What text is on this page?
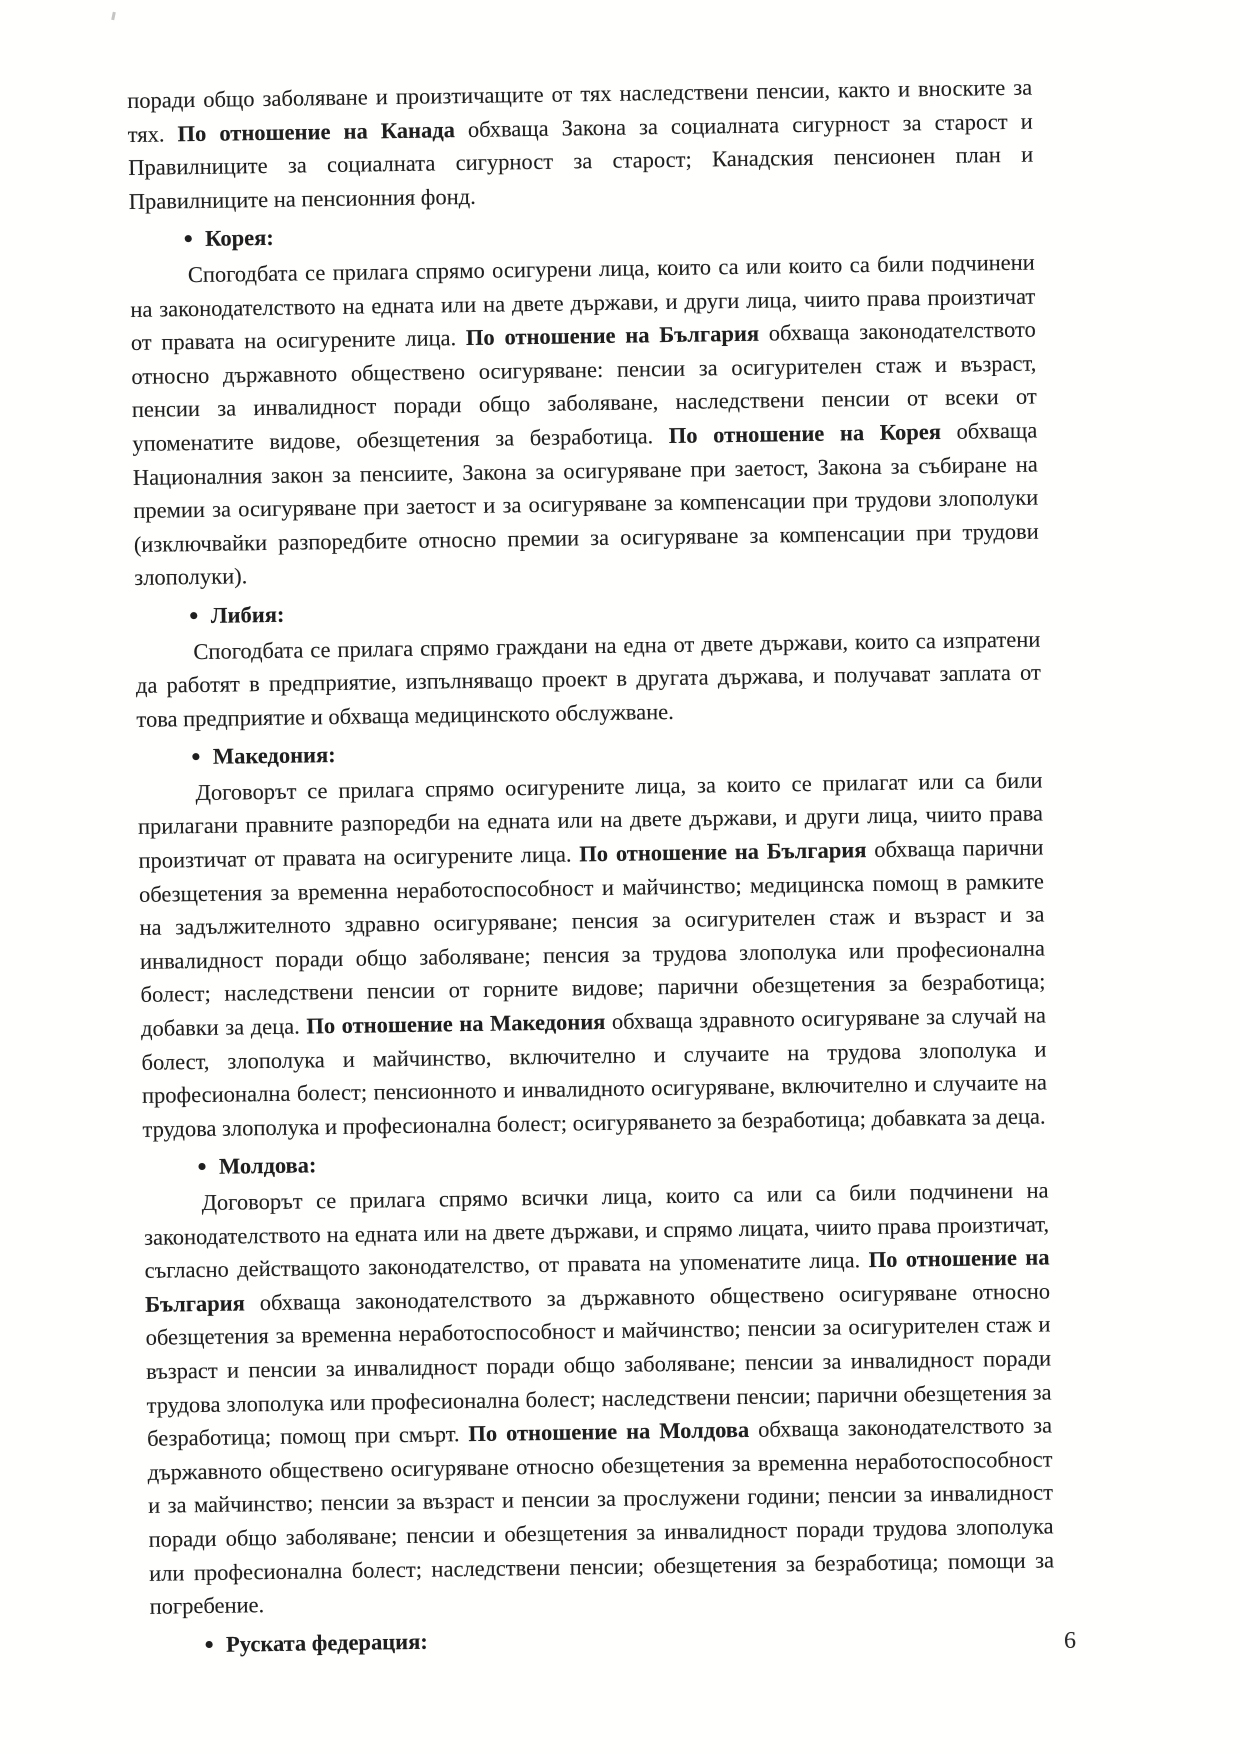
поради общо заболяване и произтичащите от тях наследствени пенсии, както и вноските за тях. По отношение на Канада обхваща Закона за социалната сигурност за старост и Правилниците за социалната сигурност за старост; Канадския пенсионен план и Правилниците на пенсионния фонд.

• Корея:

Спогодбата се прилага спрямо осигурени лица, които са или които са били подчинени на законодателството на едната или на двете държави, и други лица, чиито права произтичат от правата на осигурените лица. По отношение на България обхваща законодателството относно държавното обществено осигуряване: пенсии за осигурителен стаж и възраст, пенсии за инвалидност поради общо заболяване, наследствени пенсии от всеки от упоменатите видове, обезщетения за безработица. По отношение на Корея обхваща Националния закон за пенсиите, Закона за осигуряване при заетост, Закона за събиране на премии за осигуряване при заетост и за осигуряване за компенсации при трудови злополуки (изключвайки разпоредбите относно премии за осигуряване за компенсации при трудови злополуки).

• Либия:

Спогодбата се прилага спрямо граждани на една от двете държави, които са изпратени да работят в предприятие, изпълняващо проект в другата държава, и получават заплата от това предприятие и обхваща медицинското обслужване.

• Македония:

Договорът се прилага спрямо осигурените лица, за които се прилагат или са били прилагани правните разпоредби на едната или на двете държави, и други лица, чиито права произтичат от правата на осигурените лица. По отношение на България обхваща парични обезщетения за временна неработоспособност и майчинство; медицинска помощ в рамките на задължителното здравно осигуряване; пенсия за осигурителен стаж и възраст и за инвалидност поради общо заболяване; пенсия за трудова злополука или професионална болест; наследствени пенсии от горните видове; парични обезщетения за безработица; добавки за деца. По отношение на Македония обхваща здравното осигуряване за случай на болест, злополука и майчинство, включително и случаите на трудова злополука и професионална болест; пенсионното и инвалидното осигуряване, включително и случаите на трудова злополука и професионална болест; осигуряването за безработица; добавката за деца.

• Молдова:

Договорът се прилага спрямо всички лица, които са или са били подчинени на законодателството на едната или на двете държави, и спрямо лицата, чиито права произтичат, съгласно действащото законодателство, от правата на упоменатите лица. По отношение на България обхваща законодателството за държавното обществено осигуряване относно обезщетения за временна неработоспособност и майчинство; пенсии за осигурителен стаж и възраст и пенсии за инвалидност поради общо заболяване; пенсии за инвалидност поради трудова злополука или професионална болест; наследствени пенсии; парични обезщетения за безработица; помощ при смърт. По отношение на Молдова обхваща законодателството за държавното обществено осигуряване относно обезщетения за временна неработоспособност и за майчинство; пенсии за възраст и пенсии за прослужени години; пенсии за инвалидност поради общо заболяване; пенсии и обезщетения за инвалидност поради трудова злополука или професионална болест; наследствени пенсии; обезщетения за безработица; помощи за погребение.

• Руската федерация:	6
